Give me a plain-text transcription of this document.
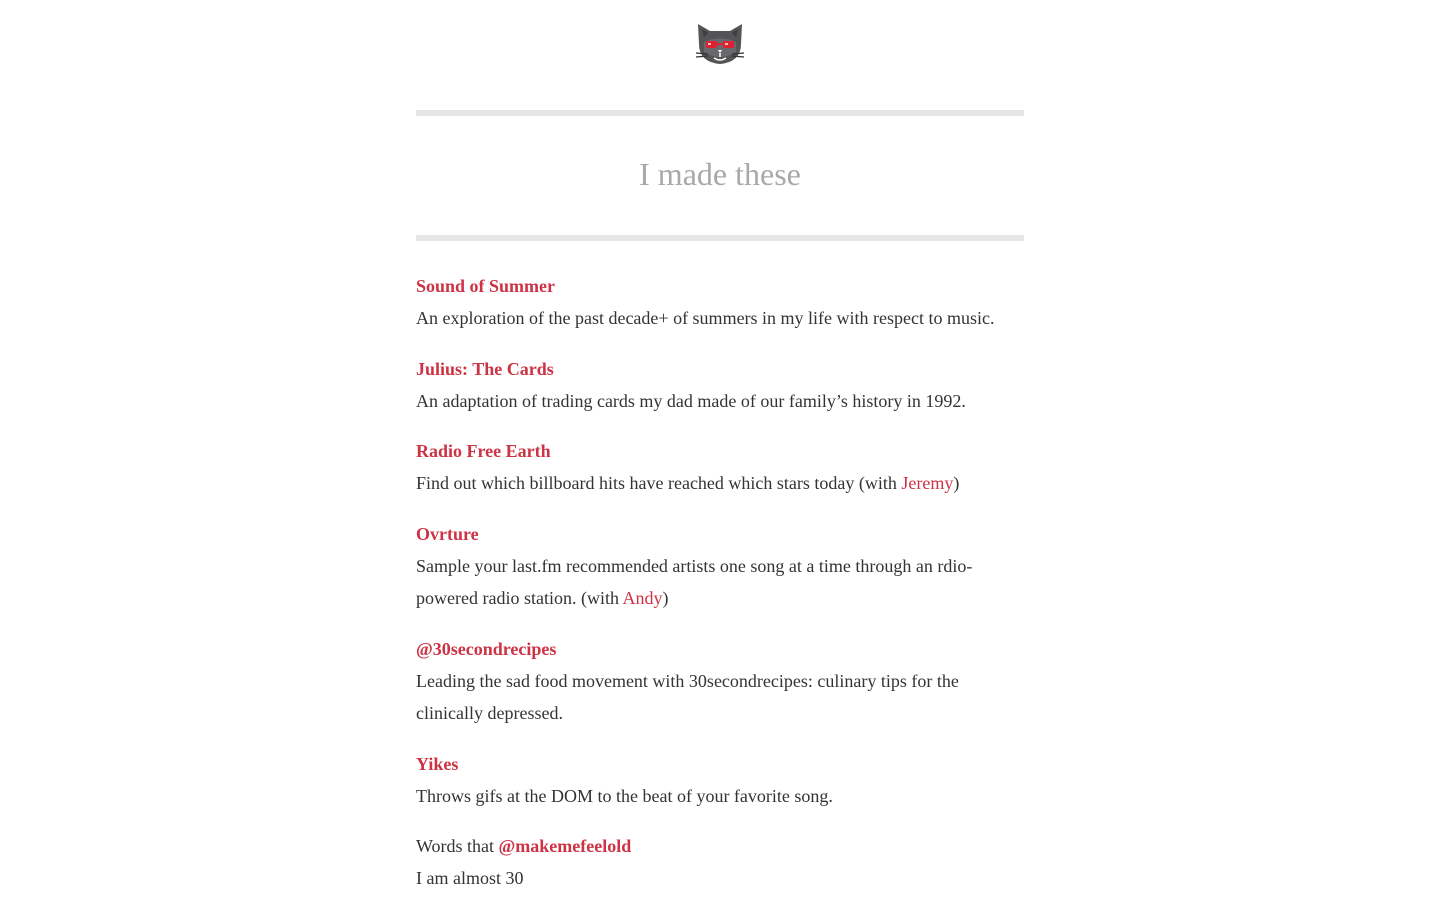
I made these
Sound of Summer

An exploration of the past decade+ of summers in my life with respect to music.

Julius: The Cards

An adaptation of trading cards my dad made of our family’s history in 1992.

Radio Free Earth

Find out which billboard hits have reached which stars today (with Jeremy)

Ovrture

Sample your last.fm recommended artists one song at a time through an rdio-powered radio station. (with Andy)

@30secondrecipes

Leading the sad food movement with 30secondrecipes: culinary tips for the clinically depressed.

Yikes

Throws gifs at the DOM to the beat of your favorite song.

Words that @makemefeelold

I am almost 30
